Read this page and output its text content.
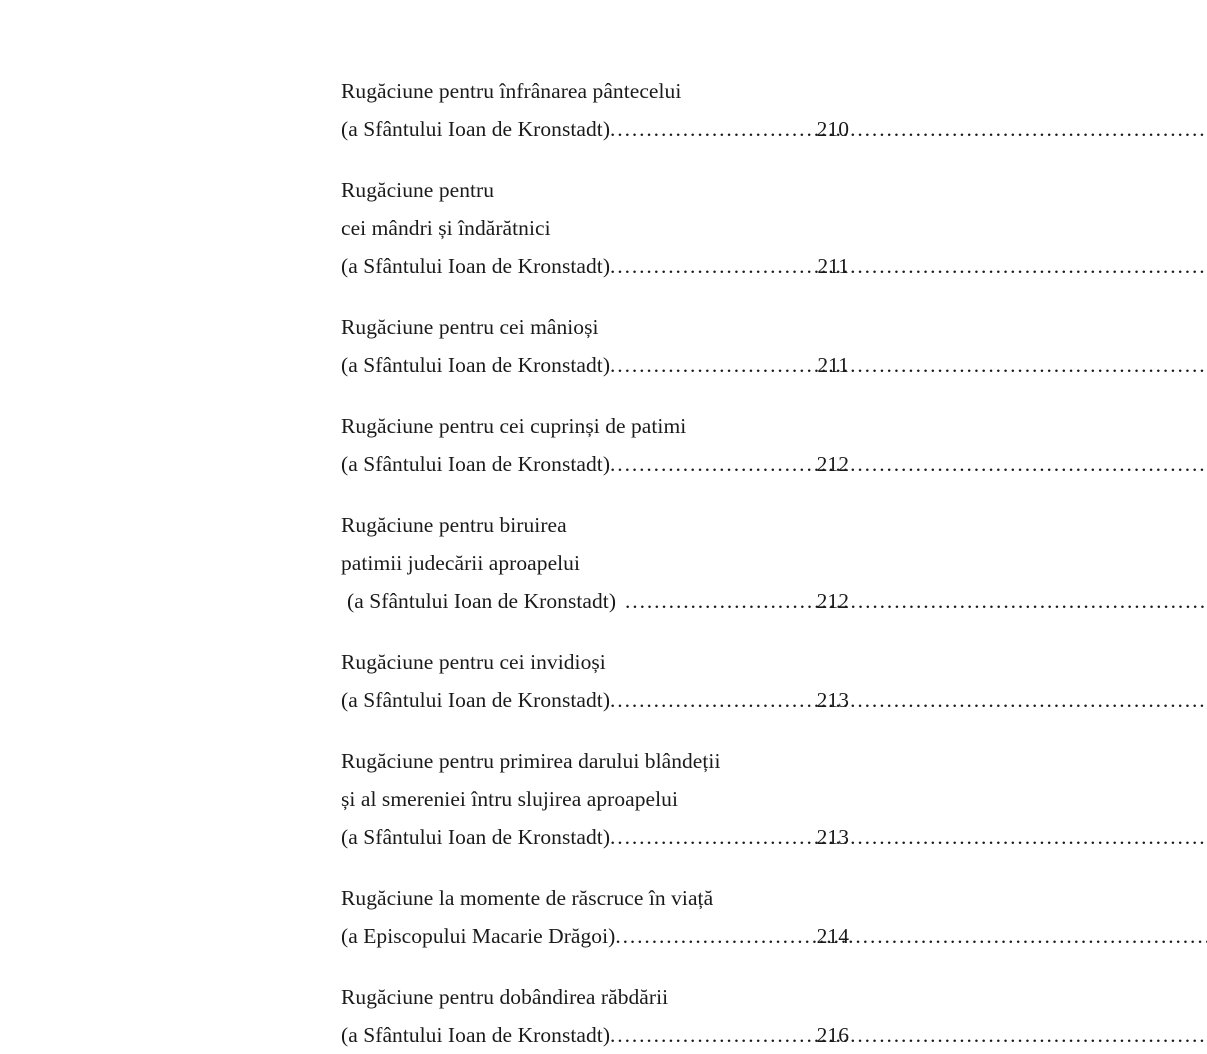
Rugăciune pentru înfrânarea pântecelui
(a Sfântului Ioan de Kronstadt) .....	210
Rugăciune pentru
cei mândri și îndărătnici
(a Sfântului Ioan de Kronstadt) .....	211
Rugăciune pentru cei mânioși
(a Sfântului Ioan de Kronstadt) .....	211
Rugăciune pentru cei cuprinși de patimi
(a Sfântului Ioan de Kronstadt) .....	212
Rugăciune pentru biruirea
patimii judecării aproapelui
(a Sfântului Ioan de Kronstadt) .....	212
Rugăciune pentru cei invidioși
(a Sfântului Ioan de Kronstadt) .....	213
Rugăciune pentru primirea darului blândeții
și al smereniei întru slujirea aproapelui
(a Sfântului Ioan de Kronstadt) .....	213
Rugăciune la momente de răscruce în viață
(a Episcopului Macarie Drăgoi) .....	214
Rugăciune pentru dobândirea răbdării
(a Sfântului Ioan de Kronstadt) .....	216
